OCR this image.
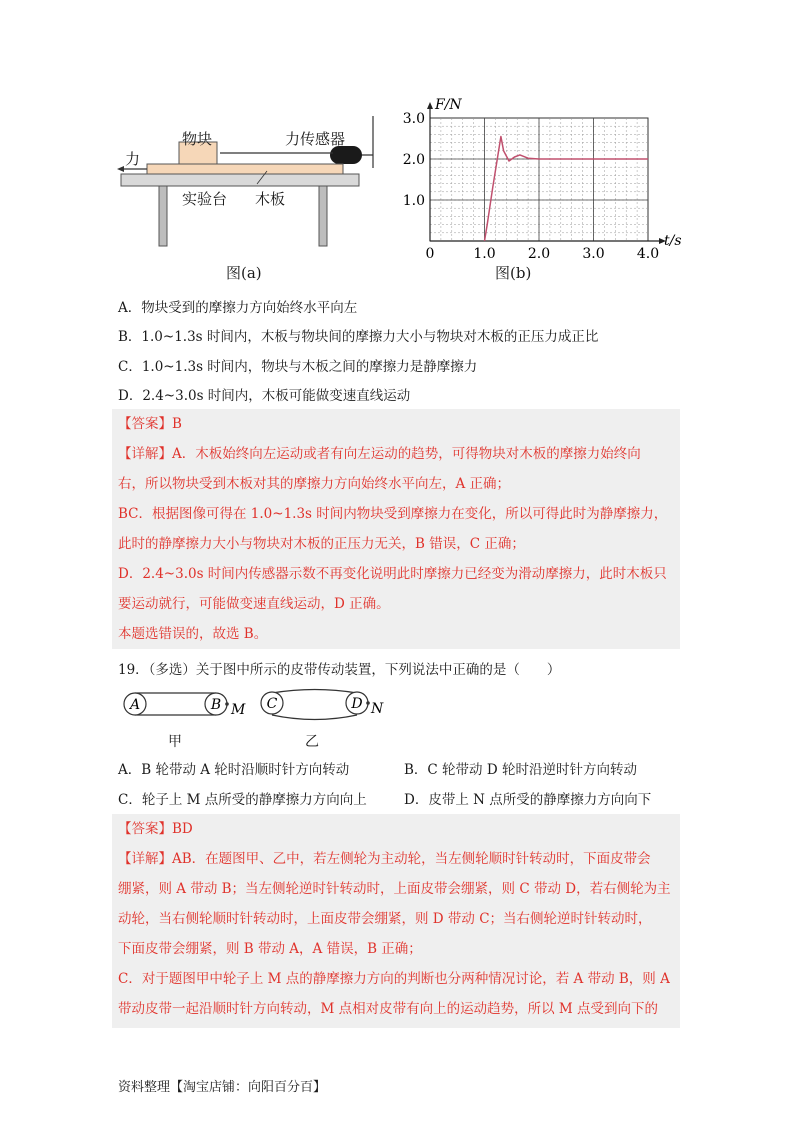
物块	力传感器
力
实验台 木板
图(a)
0	1.0 2.0 3.0 4.0
1.0
2.0
3.0
F/N
t/s
图(b)
A．物块受到的摩擦力方向始终水平向左
B．1.0~1.3s 时间内，木板与物块间的摩擦力大小与物块对木板的正压力成正比
C．1.0~1.3s 时间内，物块与木板之间的摩擦力是静摩擦力
D．2.4~3.0s 时间内，木板可能做变速直线运动

【答案】B

【详解】A．木板始终向左运动或者有向左运动的趋势，可得物块对木板的摩擦力始终向

右，所以物块受到木板对其的摩擦力方向始终水平向左，A 正确；

BC．根据图像可得在 1.0~1.3s 时间内物块受到摩擦力在变化，所以可得此时为静摩擦力，

此时的静摩擦力大小与物块对木板的正压力无关，B 错误，C 正确；

D．2.4~3.0s 时间内传感器示数不再变化说明此时摩擦力已经变为滑动摩擦力，此时木板只

要运动就行，可能做变速直线运动，D 正确。

本题选错误的，故选 B。

19．（多选）关于图中所示的皮带传动装置，下列说法中正确的是（　　）
A	B M
甲
C	D N
乙
A．B 轮带动 A 轮时沿顺时针方向转动	B．C 轮带动 D 轮时沿逆时针方向转动
C．轮子上 M 点所受的静摩擦力方向向上	D．皮带上 N 点所受的静摩擦力方向向下

【答案】BD

【详解】AB．在题图甲、乙中，若左侧轮为主动轮，当左侧轮顺时针转动时，下面皮带会

绷紧，则 A 带动 B；当左侧轮逆时针转动时，上面皮带会绷紧，则 C 带动 D，若右侧轮为主

动轮，当右侧轮顺时针转动时，上面皮带会绷紧，则 D 带动 C；当右侧轮逆时针转动时，

下面皮带会绷紧，则 B 带动 A，A 错误，B 正确；

C．对于题图甲中轮子上 M 点的静摩擦力方向的判断也分两种情况讨论，若 A 带动 B，则 A

带动皮带一起沿顺时针方向转动，M 点相对皮带有向上的运动趋势，所以 M 点受到向下的

资料整理【淘宝店铺：向阳百分百】
